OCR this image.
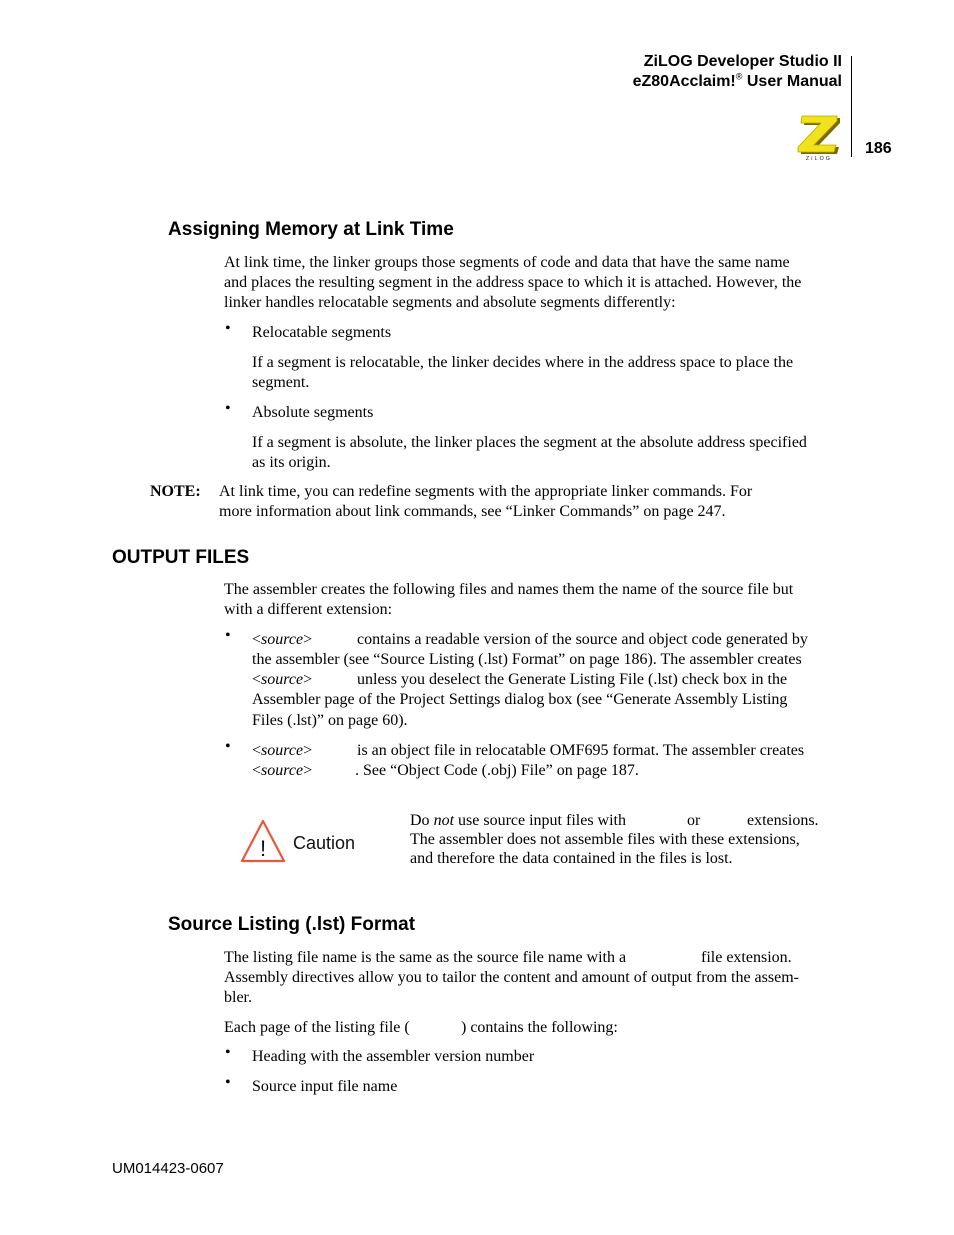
ZiLOG Developer Studio II
eZ80Acclaim!® User Manual
186
ZiLOG
Assigning Memory at Link Time

At link time, the linker groups those segments of code and data that have the same name

and places the resulting segment in the address space to which it is attached. However, the

linker handles relocatable segments and absolute segments differently:

• Relocatable segments

If a segment is relocatable, the linker decides where in the address space to place the

segment.

• Absolute segments

If a segment is absolute, the linker places the segment at the absolute address specified

as its origin.

NOTE: At link time, you can redefine segments with the appropriate linker commands. For

more information about link commands, see “Linker Commands” on page 247.

OUTPUT FILES

The assembler creates the following files and names them the name of the source file but

with a different extension:

• <source>	contains a readable version of the source and object code generated by

the assembler (see “Source Listing (.lst) Format” on page 186). The assembler creates

<source>	unless you deselect the Generate Listing File (.lst) check box in the

Assembler page of the Project Settings dialog box (see “Generate Assembly Listing

Files (.lst)” on page 60).

• <source>	is an object file in relocatable OMF695 format. The assembler creates

<source>	. See “Object Code (.obj) File” on page 187.

! Caution

Do not use source input files with	or	extensions.

The assembler does not assemble files with these extensions,

and therefore the data contained in the files is lost.

Source Listing (.lst) Format

The listing file name is the same as the source file name with a	file extension.

Assembly directives allow you to tailor the content and amount of output from the assem-

bler.

Each page of the listing file (	) contains the following:

• Heading with the assembler version number

• Source input file name

UM014423-0607
